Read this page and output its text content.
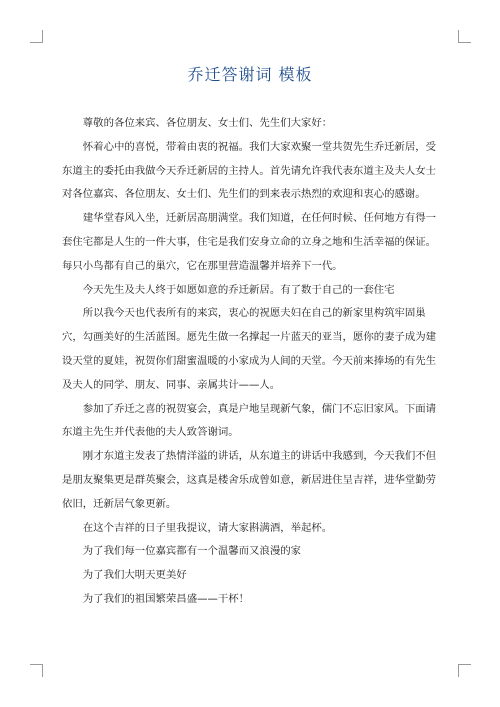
乔迁答谢词 模板

尊敬的各位来宾、各位朋友、女士们、先生们大家好：

怀着心中的喜悦，带着由衷的祝福。我们大家欢聚一堂共贺先生乔迁新居，受东道主的委托由我做今天乔迁新居的主持人。首先请允许我代表东道主及夫人女士对各位嘉宾、各位朋友、女士们、先生们的到来表示热烈的欢迎和衷心的感谢。

建华堂春风入坐，迁新居高朋满堂。我们知道，在任何时候、任何地方有得一套住宅都是人生的一件大事，住宅是我们安身立命的立身之地和生活幸福的保证。每只小鸟都有自己的巢穴，它在那里营造温馨并培养下一代。

今天先生及夫人终于如愿如意的乔迁新居。有了数于自己的一套住宅

所以我今天也代表所有的来宾，衷心的祝愿夫妇在自己的新家里构筑牢固巢穴，勾画美好的生活蓝图。愿先生做一名撑起一片蓝天的亚当，愿你的妻子成为建设天堂的夏娃，祝贺你们甜蜜温暖的小家成为人间的天堂。今天前来捧场的有先生及夫人的同学、朋友、同事、亲属共计——人。

参加了乔迁之喜的祝贺宴会，真是户地呈现新气象，儒门不忘旧家风。下面请东道主先生并代表他的夫人致答谢词。

刚才东道主发表了热情洋溢的讲话，从东道主的讲话中我感到，今天我们不但是朋友聚集更是群英聚会，这真是楼舍乐成曾如意，新居进住呈吉祥，进华堂勤劳依旧，迁新居气象更新。

在这个吉祥的日子里我提议，请大家斟满酒，举起杯。

为了我们每一位嘉宾都有一个温馨而又浪漫的家

为了我们大明天更美好

为了我们的祖国繁荣昌盛——干杯！
